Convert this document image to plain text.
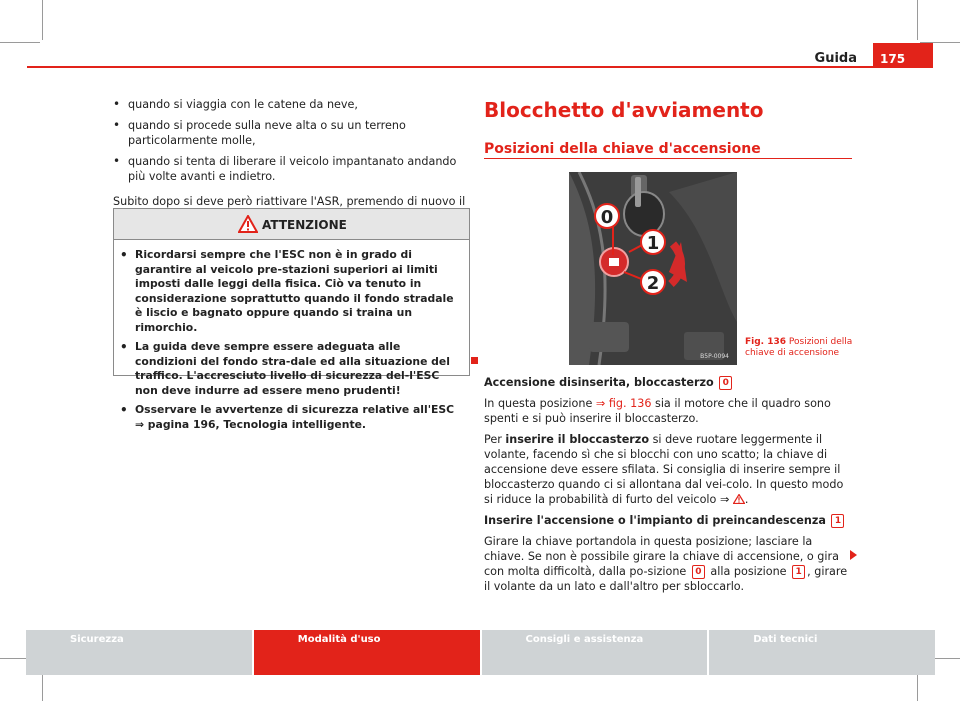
Guida 175
• quando si viaggia con le catene da neve,
• quando si procede sulla neve alta o su un terreno particolarmente molle,
• quando si tenta di liberare il veicolo impantanato andando più volte avanti e indietro.

Subito dopo si deve però riattivare l'ASR, premendo di nuovo il

ATTENZIONE
• Ricordarsi sempre che l'ESC non è in grado di garantire al veicolo pre-stazioni superiori ai limiti imposti dalle leggi della fisica. Ciò va tenuto in considerazione soprattutto quando il fondo stradale è liscio e bagnato oppure quando si traina un rimorchio.
• La guida deve sempre essere adeguata alle condizioni del fondo stra-dale ed alla situazione del traffico. L'accresciuto livello di sicurezza del-l'ESC non deve indurre ad essere meno prudenti!
• Osservare le avvertenze di sicurezza relative all'ESC ⇒ pagina 196, Tecnologia intelligente.
Blocchetto d'avviamento
Posizioni della chiave d'accensione
0
1
2
B5P-0094
Fig. 136 Posizioni della chiave di accensione

Accensione disinserita, bloccasterzo 0

In questa posizione ⇒ fig. 136 sia il motore che il quadro sono spenti e si può inserire il bloccasterzo.

Per inserire il bloccasterzo si deve ruotare leggermente il volante, facendo sì che si blocchi con uno scatto; la chiave di accensione deve essere sfilata. Si consiglia di inserire sempre il bloccasterzo quando ci si allontana dal vei-colo. In questo modo si riduce la probabilità di furto del veicolo ⇒ .

Inserire l'accensione o l'impianto di preincandescenza 1

Girare la chiave portandola in questa posizione; lasciare la chiave. Se non è possibile girare la chiave di accensione, o gira con molta difficoltà, dalla po-sizione 0 alla posizione 1 , girare il volante da un lato e dall'altro per sbloccarlo.

Sicurezza	Modalità d'uso	Consigli e assistenza	Dati tecnici
